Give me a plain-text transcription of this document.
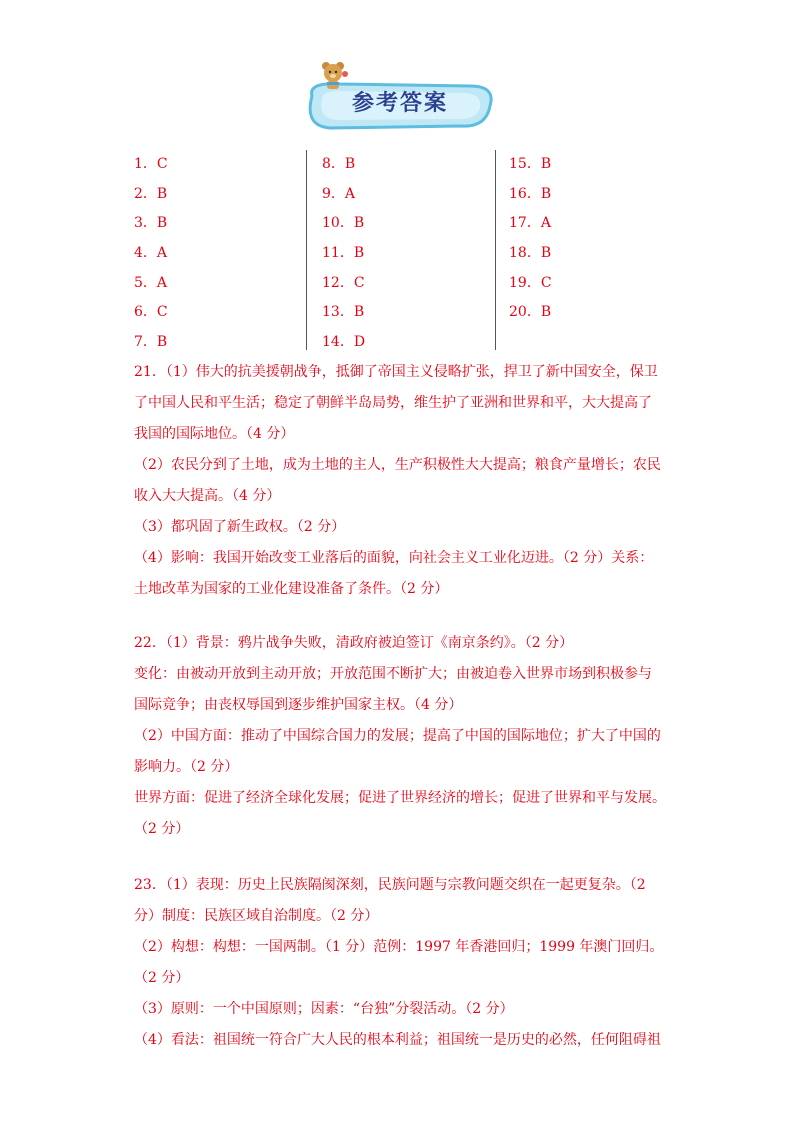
参考答案
1．C
2．B
3．B
4．A
5．A
6．C
7．B
8．B
9．A
10．B
11．B
12．C
13．B
14．D
15．B
16．B
17．A
18．B
19．C
20．B
21．（1）伟大的抗美援朝战争，抵御了帝国主义侵略扩张，捍卫了新中国安全，保卫
了中国人民和平生活；稳定了朝鲜半岛局势，维生护了亚洲和世界和平，大大提高了
我国的国际地位。（4 分）
（2）农民分到了土地，成为土地的主人，生产积极性大大提高；粮食产量增长；农民
收入大大提高。（4 分）
（3）都巩固了新生政权。（2 分）
（4）影响：我国开始改变工业落后的面貌，向社会主义工业化迈进。（2 分）关系：
土地改革为国家的工业化建设准备了条件。（2 分）
22．（1）背景：鸦片战争失败，清政府被迫签订《南京条约》。（2 分）
变化：由被动开放到主动开放；开放范围不断扩大；由被迫卷入世界市场到积极参与
国际竞争；由丧权辱国到逐步维护国家主权。（4 分）
（2）中国方面：推动了中国综合国力的发展；提高了中国的国际地位；扩大了中国的
影响力。（2 分）
世界方面：促进了经济全球化发展；促进了世界经济的增长；促进了世界和平与发展。
（2 分）
23．（1）表现：历史上民族隔阂深刻，民族问题与宗教问题交织在一起更复杂。（2
分）制度：民族区域自治制度。（2 分）
（2）构想：构想：一国两制。（1 分）范例：1997 年香港回归；1999 年澳门回归。
（2 分）
（3）原则：一个中国原则；因素：“台独”分裂活动。（2 分）
（4）看法：祖国统一符合广大人民的根本利益；祖国统一是历史的必然，任何阻碍祖
